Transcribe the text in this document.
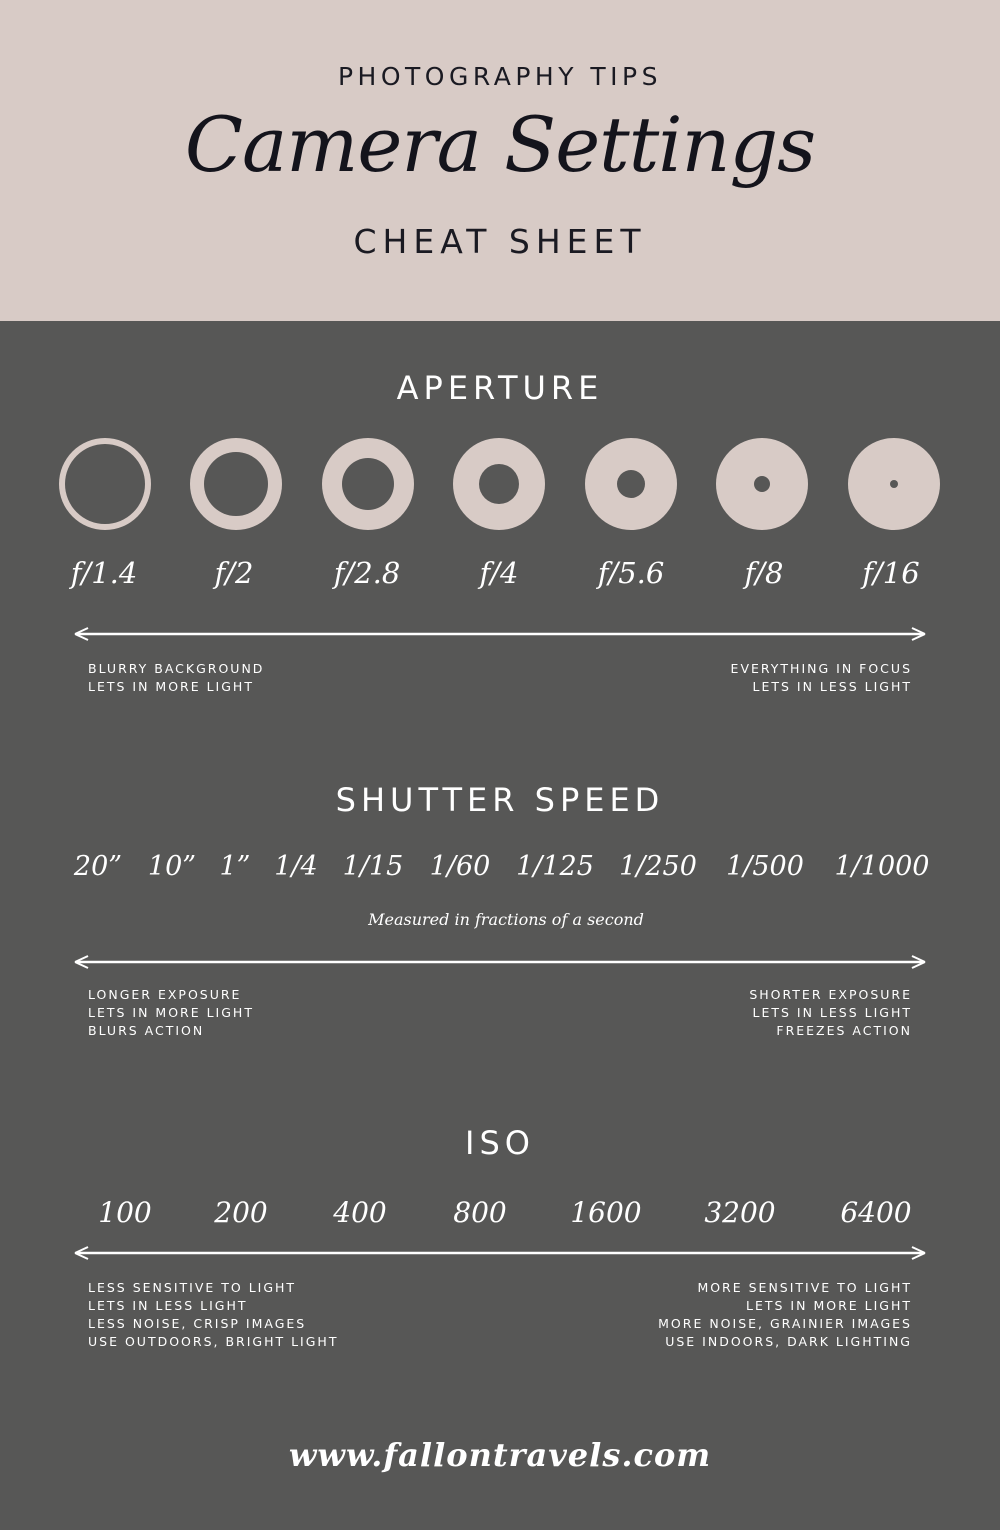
PHOTOGRAPHY TIPS
Camera Settings
CHEAT SHEET
APERTURE
f/1.4	f/2	f/2.8	f/4	f/5.6	f/8	f/16
BLURRY BACKGROUND
LETS IN MORE LIGHT
EVERYTHING IN FOCUS
LETS IN LESS LIGHT
SHUTTER SPEED
20” 10” 1” 1/4 1/15 1/60 1/125 1/250 1/500 1/1000
Measured in fractions of a second
LONGER EXPOSURE
LETS IN MORE LIGHT
BLURS ACTION
SHORTER EXPOSURE
LETS IN LESS LIGHT
FREEZES ACTION
ISO
100 200 400 800 1600 3200 6400
LESS SENSITIVE TO LIGHT
LETS IN LESS LIGHT
LESS NOISE, CRISP IMAGES
USE OUTDOORS, BRIGHT LIGHT
MORE SENSITIVE TO LIGHT
LETS IN MORE LIGHT
MORE NOISE, GRAINIER IMAGES
USE INDOORS, DARK LIGHTING
www.fallontravels.com
